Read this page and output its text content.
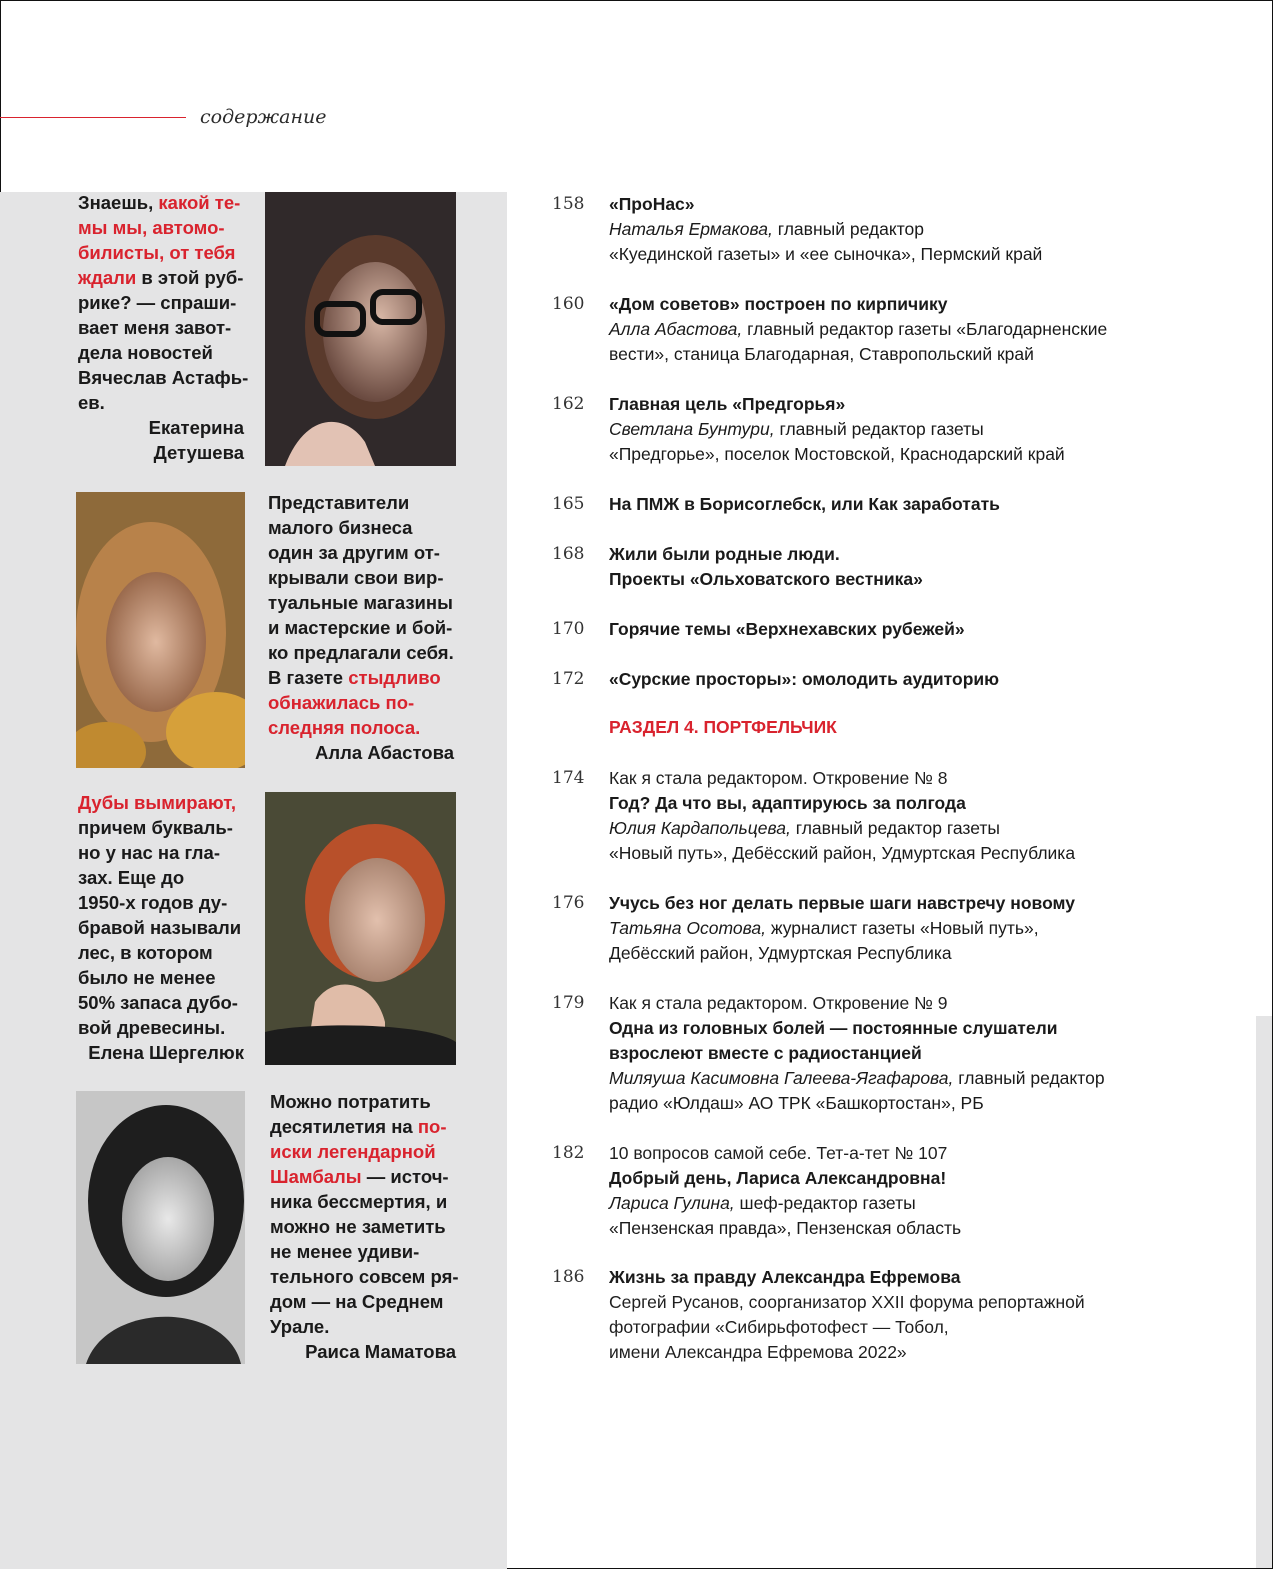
содержание
Знаешь, какой те-
мы мы, автомо-
билисты, от тебя
ждали в этой руб-
рике? — спраши-
вает меня завот-
дела новостей
Вячеслав Астафь-
ев.
Екатерина
Детушева
Представители
малого бизнеса
один за другим от-
крывали свои вир-
туальные магазины
и мастерские и бой-
ко предлагали себя.
В газете стыдливо
обнажилась по-
следняя полоса.
Алла Абастова
Дубы вымирают,
причем букваль-
но у нас на гла-
зах. Еще до
1950-х годов ду-
бравой называли
лес, в котором
было не менее
50% запаса дубо-
вой древесины.
Елена Шергелюк
Можно потратить
десятилетия на по-
иски легендарной
Шамбалы — источ-
ника бессмертия, и
можно не заметить
не менее удиви-
тельного совсем ря-
дом — на Среднем
Урале.
Раиса Маматова
158	«ПроНас»
Наталья Ермакова, главный редактор
«Куединской газеты» и «ее сыночка», Пермский край
160	«Дом советов» построен по кирпичику
Алла Абастова, главный редактор газеты «Благодарненские
вести», станица Благодарная, Ставропольский край
162	Главная цель «Предгорья»
Светлана Бунтури, главный редактор газеты
«Предгорье», поселок Мостовской, Краснодарский край
165	На ПМЖ в Борисоглебск, или Как заработать
168	Жили были родные люди.
Проекты «Ольховатского вестника»
170	Горячие темы «Верхнехавских рубежей»
172	«Сурские просторы»: омолодить аудиторию
174	Как я стала редактором. Откровение № 8
Год? Да что вы, адаптируюсь за полгода
Юлия Кардапольцева, главный редактор газеты
«Новый путь», Дебёсский район, Удмуртская Республика
176	Учусь без ног делать первые шаги навстречу новому
Татьяна Осотова, журналист газеты «Новый путь»,
Дебёсский район, Удмуртская Республика
179	Как я стала редактором. Откровение № 9
Одна из головных болей — постоянные слушатели
взрослеют вместе с радиостанцией
Миляуша Касимовна Галеева-Ягафарова, главный редактор
радио «Юлдаш» АО ТРК «Башкортостан», РБ
182	10 вопросов самой себе. Тет-а-тет № 107
Добрый день, Лариса Александровна!
Лариса Гулина, шеф-редактор газеты
«Пензенская правда», Пензенская область
186	Жизнь за правду Александра Ефремова
Сергей Русанов, соорганизатор XXII форума репортажной
фотографии «Сибирьфотофест — Тобол,
имени Александра Ефремова 2022»
РАЗДЕЛ 4. ПОРТФЕЛЬЧИК
